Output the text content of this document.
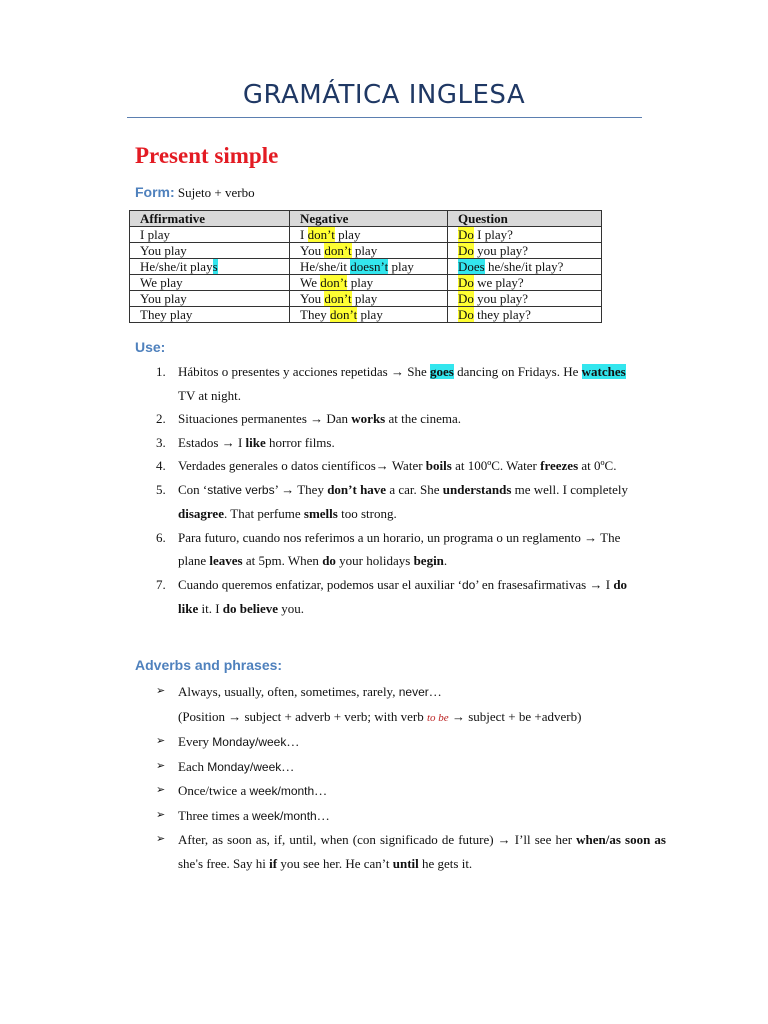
GRAMÁTICA INGLESA
Present simple
Form: Sujeto + verbo
Affirmative	Negative	Question
I play	I don’t play	Do I play?
You play	You don’t play	Do you play?
He/she/it plays	He/she/it doesn’t play	Does he/she/it play?
We play	We don’t play	Do we play?
You play	You don’t play	Do you play?
They play	They don’t play	Do they play?
Use:
1. Hábitos o presentes y acciones repetidas → She goes dancing on Fridays. He watches TV at night.
2. Situaciones permanentes → Dan works at the cinema.
3. Estados → I like horror films.
4. Verdades generales o datos científicos→ Water boils at 100ºC. Water freezes at 0ºC.
5. Con ‘stative verbs’ → They don’t have a car. She understands me well. I completely disagree. That perfume smells too strong.
6. Para futuro, cuando nos referimos a un horario, un programa o un reglamento → The plane leaves at 5pm. When do your holidays begin.
7. Cuando queremos enfatizar, podemos usar el auxiliar ‘do’ en frasesafirmativas → I do like it. I do believe you.
Adverbs and phrases:
➢ Always, usually, often, sometimes, rarely, never…
(Position → subject + adverb + verb; with verb to be → subject + be +adverb)
➢ Every Monday/week…
➢ Each Monday/week…
➢ Once/twice a week/month…
➢ Three times a week/month…
➢ After, as soon as, if, until, when (con significado de future) → I’ll see her when/as soon as she’s free. Say hi if you see her. He can’t until he gets it.
